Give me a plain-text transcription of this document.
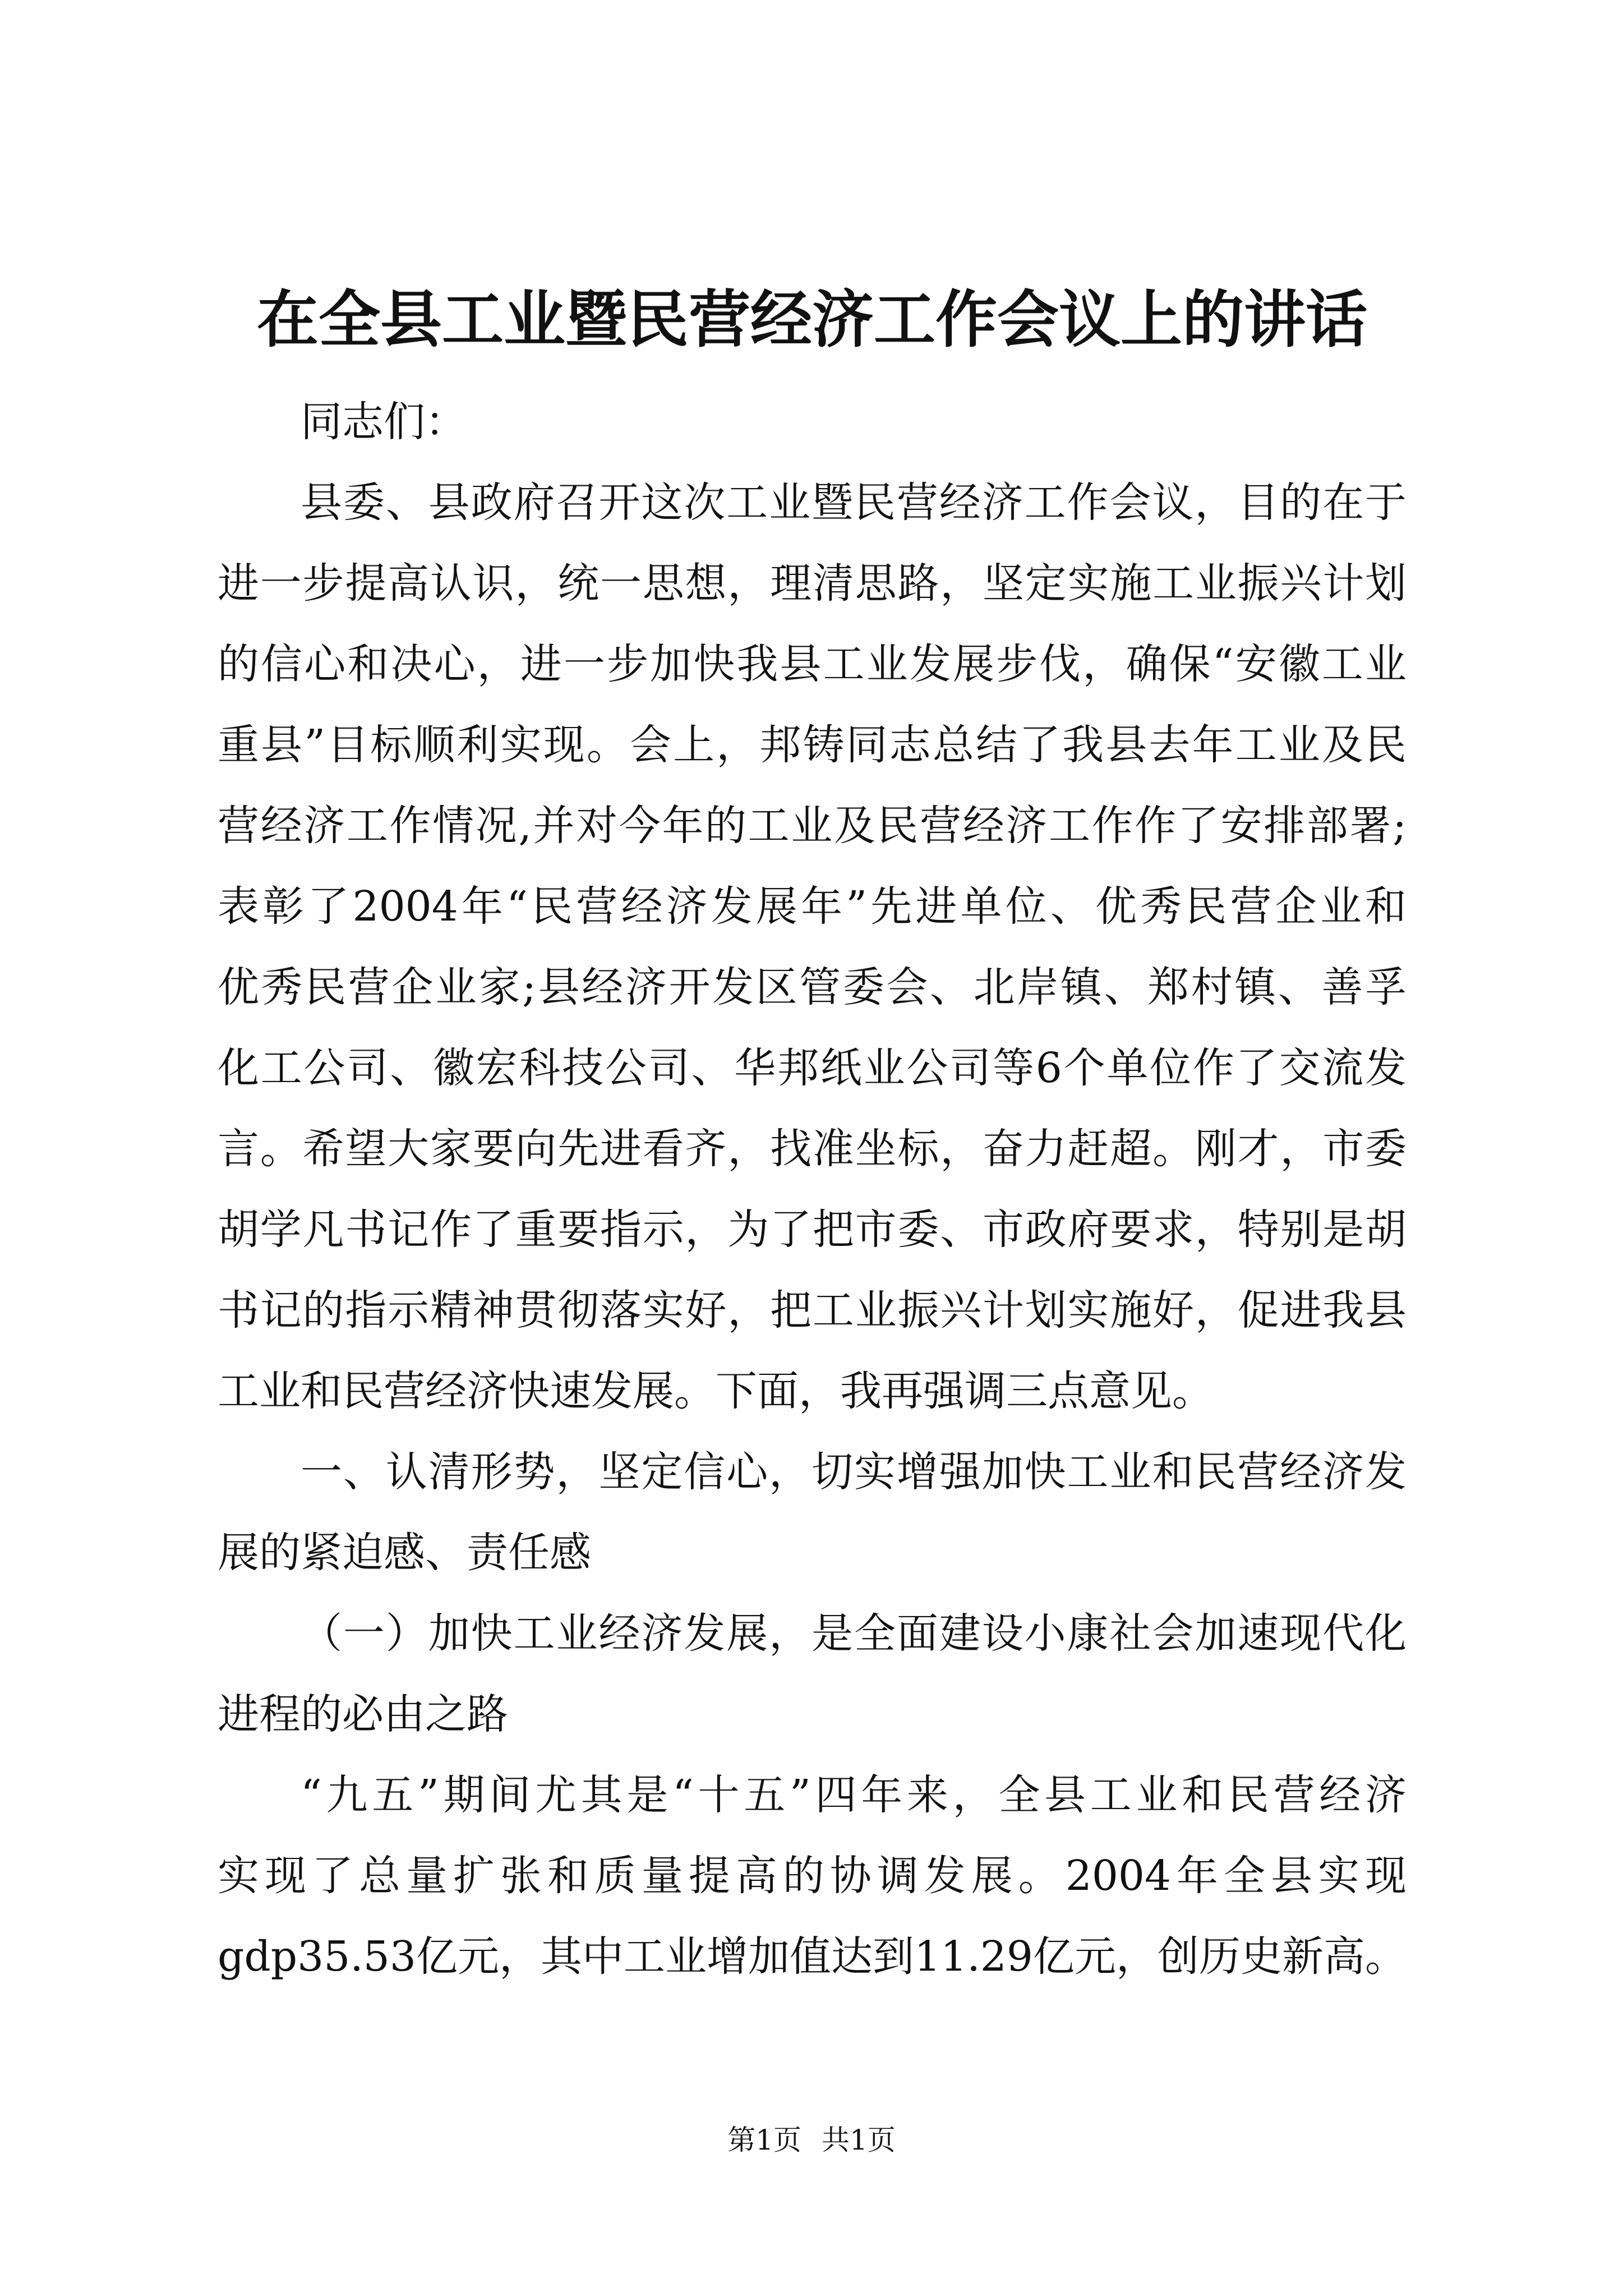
在全县工业暨民营经济工作会议上的讲话
同志们：
县委、县政府召开这次工业暨民营经济工作会议，目的在于
进一步提高认识，统一思想，理清思路，坚定实施工业振兴计划
的信心和决心，进一步加快我县工业发展步伐，确保“安徽工业
重县”目标顺利实现。会上，邦铸同志总结了我县去年工业及民
营经济工作情况,并对今年的工业及民营经济工作作了安排部署;
表彰了2004年“民营经济发展年”先进单位、优秀民营企业和
优秀民营企业家;县经济开发区管委会、北岸镇、郑村镇、善孚
化工公司、徽宏科技公司、华邦纸业公司等6个单位作了交流发
言。希望大家要向先进看齐，找准坐标，奋力赶超。刚才，市委
胡学凡书记作了重要指示，为了把市委、市政府要求，特别是胡
书记的指示精神贯彻落实好，把工业振兴计划实施好，促进我县
工业和民营经济快速发展。下面，我再强调三点意见。
一、认清形势，坚定信心，切实增强加快工业和民营经济发
展的紧迫感、责任感
（一）加快工业经济发展，是全面建设小康社会加速现代化
进程的必由之路
“九五”期间尤其是“十五”四年来，全县工业和民营经济
实现了总量扩张和质量提高的协调发展。2004年全县实现
gdp35.53亿元，其中工业增加值达到11.29亿元，创历史新高。
第1页 共1页
